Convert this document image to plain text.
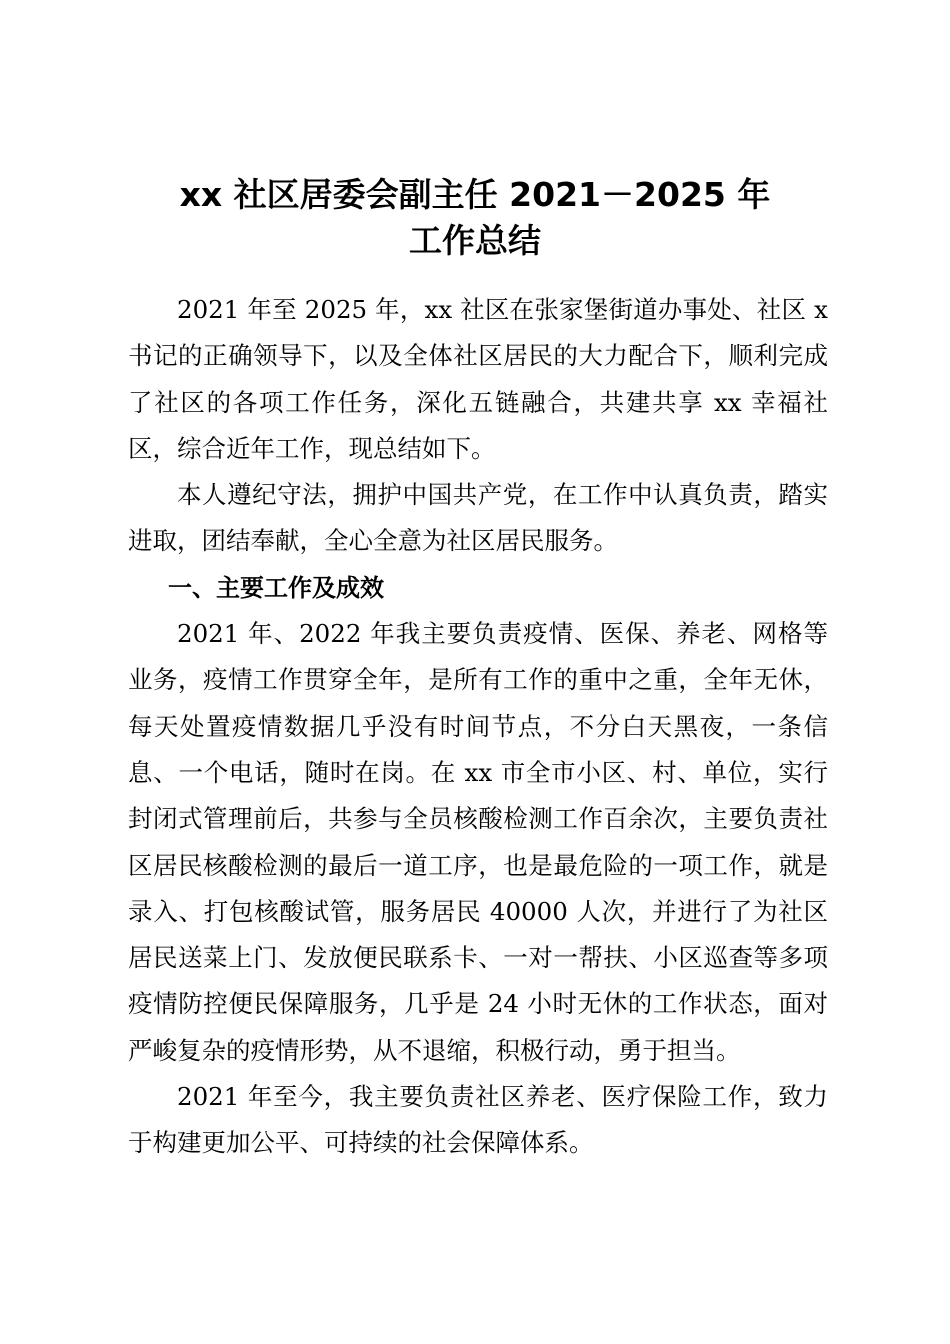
xx 社区居委会副主任 2021－2025 年
工作总结

2021 年至 2025 年，xx 社区在张家堡街道办事处、社区 x 书记的正确领导下，以及全体社区居民的大力配合下，顺利完成了社区的各项工作任务，深化五链融合，共建共享 xx 幸福社区，综合近年工作，现总结如下。

本人遵纪守法，拥护中国共产党，在工作中认真负责，踏实进取，团结奉献，全心全意为社区居民服务。

一、主要工作及成效

2021 年、2022 年我主要负责疫情、医保、养老、网格等业务，疫情工作贯穿全年，是所有工作的重中之重，全年无休，每天处置疫情数据几乎没有时间节点，不分白天黑夜，一条信息、一个电话，随时在岗。在 xx 市全市小区、村、单位，实行封闭式管理前后，共参与全员核酸检测工作百余次，主要负责社区居民核酸检测的最后一道工序，也是最危险的一项工作，就是录入、打包核酸试管，服务居民 40000 人次，并进行了为社区居民送菜上门、发放便民联系卡、一对一帮扶、小区巡查等多项疫情防控便民保障服务，几乎是 24 小时无休的工作状态，面对严峻复杂的疫情形势，从不退缩，积极行动，勇于担当。

2021 年至今，我主要负责社区养老、医疗保险工作，致力于构建更加公平、可持续的社会保障体系。
